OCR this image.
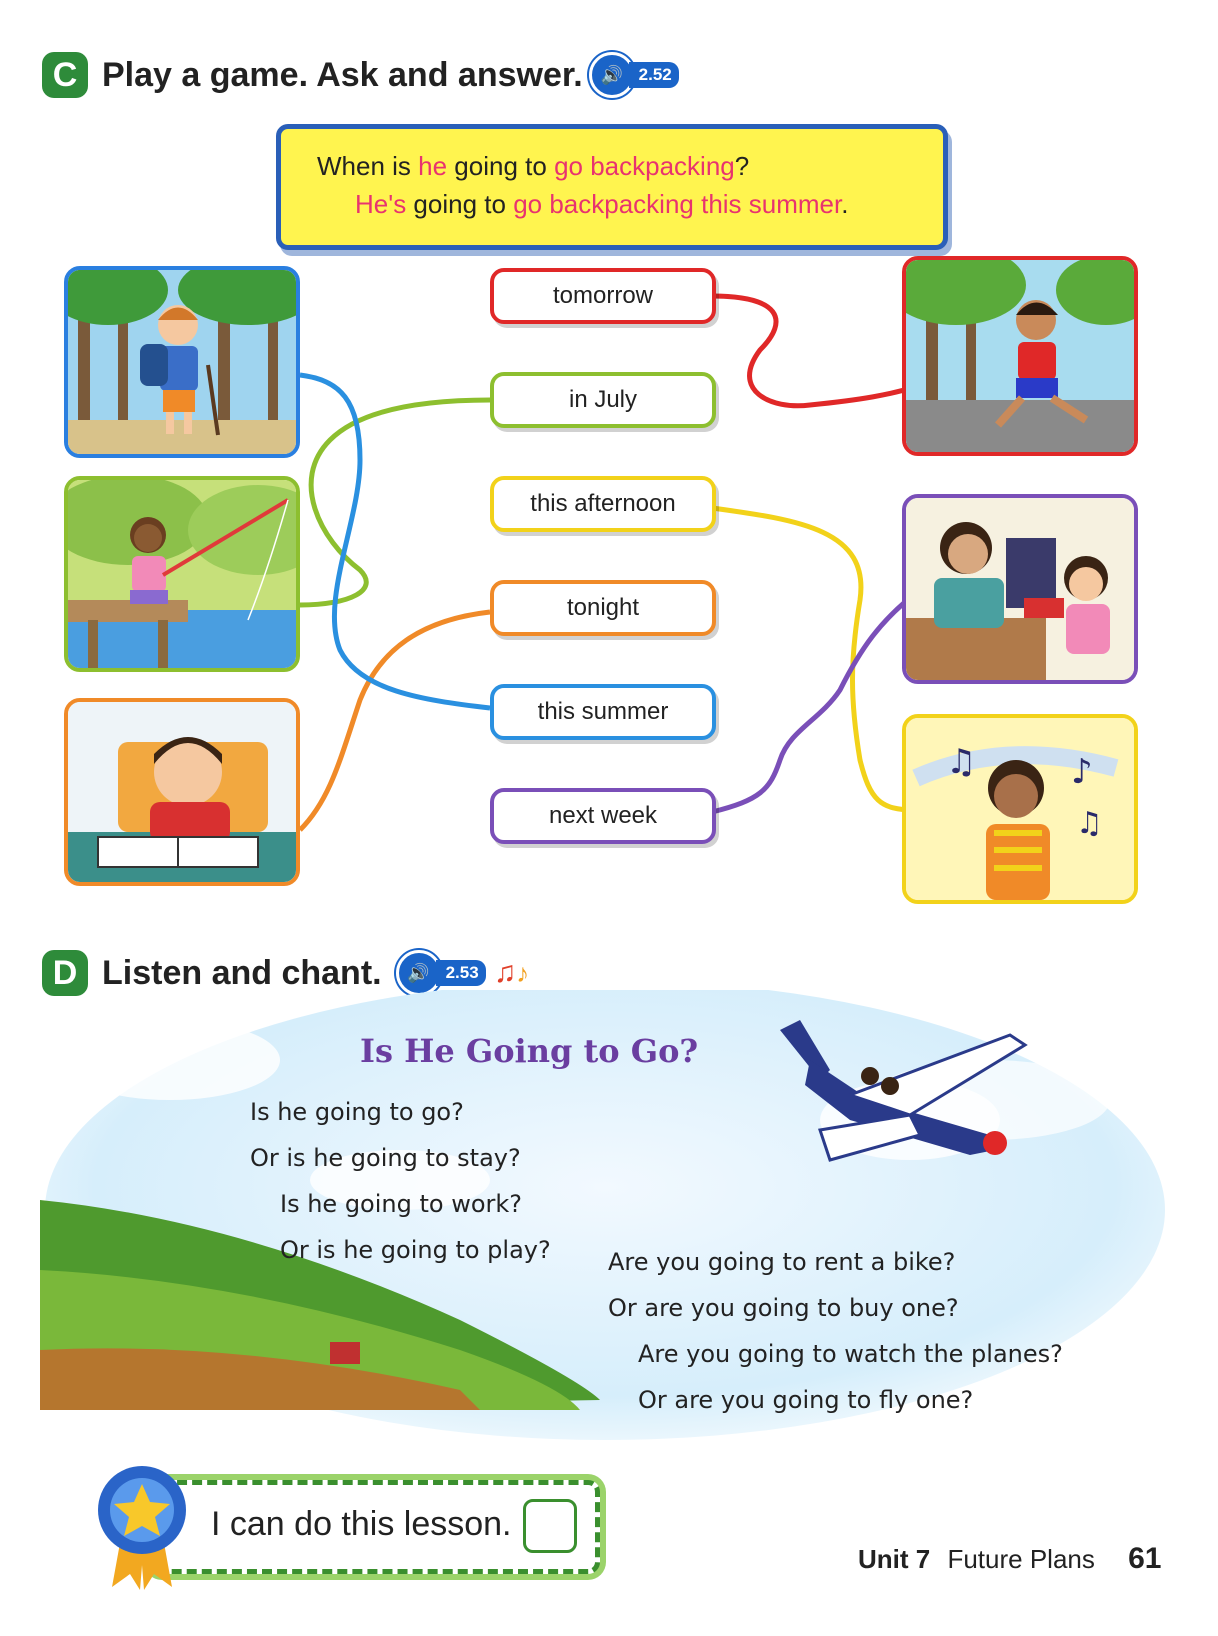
C Play a game. Ask and answer. 🔊 2.52
When is he going to go backpacking?
He's going to go backpacking this summer.
tomorrow
in July
this afternoon
tonight
this summer
next week
♫	♪
♫
D Listen and chant.	🔊 2.53 ♫ ♪
Is He Going to Go?
Is he going to go?
Or is he going to stay?
Is he going to work?
Or is he going to play? Are you going to rent a bike?
Or are you going to buy one?
Are you going to watch the planes?
Or are you going to fly one?
I can do this lesson.
Unit 7 Future Plans 61
